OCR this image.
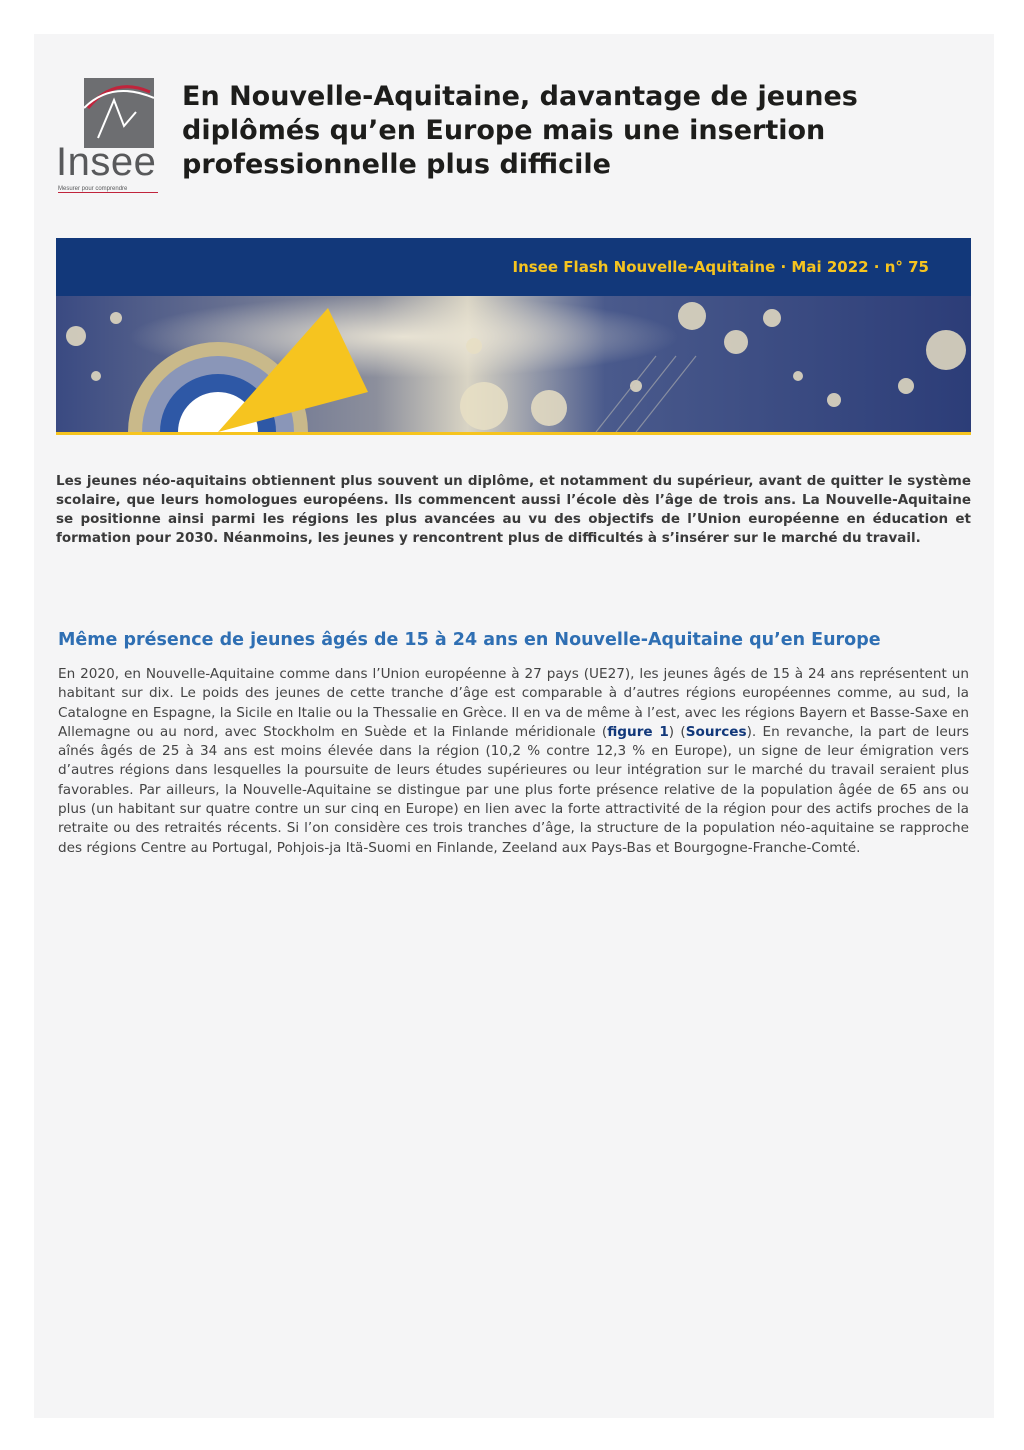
Insee
Mesurer pour comprendre
En Nouvelle-Aquitaine, davantage de jeunes diplômés qu’en Europe mais une insertion professionnelle plus difficile
Insee Flash Nouvelle-Aquitaine · Mai 2022 · n° 75

Les jeunes néo-aquitains obtiennent plus souvent un diplôme, et notamment du supérieur, avant de quitter le système scolaire, que leurs homologues européens. Ils commencent aussi l’école dès l’âge de trois ans. La Nouvelle-Aquitaine se positionne ainsi parmi les régions les plus avancées au vu des objectifs de l’Union européenne en éducation et formation pour 2030. Néanmoins, les jeunes y rencontrent plus de difficultés à s’insérer sur le marché du travail.

Même présence de jeunes âgés de 15 à 24 ans en Nouvelle-Aquitaine qu’en Europe

En 2020, en Nouvelle-Aquitaine comme dans l’Union européenne à 27 pays (UE27), les jeunes âgés de 15 à 24 ans représentent un habitant sur dix. Le poids des jeunes de cette tranche d’âge est comparable à d’autres régions européennes comme, au sud, la Catalogne en Espagne, la Sicile en Italie ou la Thessalie en Grèce. Il en va de même à l’est, avec les régions Bayern et Basse-Saxe en Allemagne ou au nord, avec Stockholm en Suède et la Finlande méridionale (figure 1) (Sources). En revanche, la part de leurs aînés âgés de 25 à 34 ans est moins élevée dans la région (10,2 % contre 12,3 % en Europe), un signe de leur émigration vers d’autres régions dans lesquelles la poursuite de leurs études supérieures ou leur intégration sur le marché du travail seraient plus favorables. Par ailleurs, la Nouvelle-Aquitaine se distingue par une plus forte présence relative de la population âgée de 65 ans ou plus (un habitant sur quatre contre un sur cinq en Europe) en lien avec la forte attractivité de la région pour des actifs proches de la retraite ou des retraités récents. Si l’on considère ces trois tranches d’âge, la structure de la population néo-aquitaine se rapproche des régions Centre au Portugal, Pohjois-ja Itä-Suomi en Finlande, Zeeland aux Pays-Bas et Bourgogne-Franche-Comté.
